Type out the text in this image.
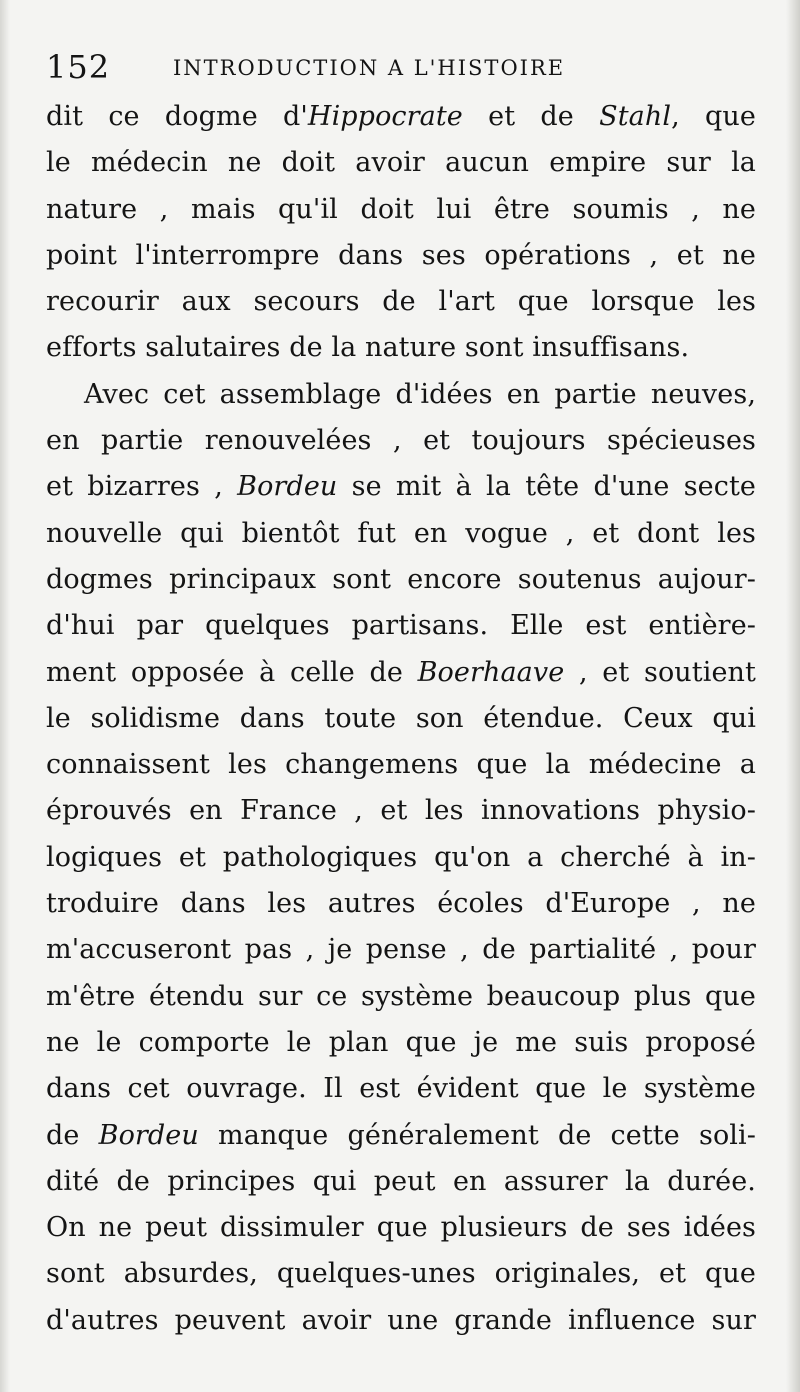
152	INTRODUCTION A L'HISTOIRE
dit ce dogme d'Hippocrate et de Stahl, que
le médecin ne doit avoir aucun empire sur la
nature , mais qu'il doit lui être soumis , ne
point l'interrompre dans ses opérations , et ne
recourir aux secours de l'art que lorsque les
efforts salutaires de la nature sont insuffisans.
Avec cet assemblage d'idées en partie neuves,
en partie renouvelées , et toujours spécieuses
et bizarres , Bordeu se mit à la tête d'une secte
nouvelle qui bientôt fut en vogue , et dont les
dogmes principaux sont encore soutenus aujour-
d'hui par quelques partisans. Elle est entière-
ment opposée à celle de Boerhaave , et soutient
le solidisme dans toute son étendue. Ceux qui
connaissent les changemens que la médecine a
éprouvés en France , et les innovations physio-
logiques et pathologiques qu'on a cherché à in-
troduire dans les autres écoles d'Europe , ne
m'accuseront pas , je pense , de partialité , pour
m'être étendu sur ce système beaucoup plus que
ne le comporte le plan que je me suis proposé
dans cet ouvrage. Il est évident que le système
de Bordeu manque généralement de cette soli-
dité de principes qui peut en assurer la durée.
On ne peut dissimuler que plusieurs de ses idées
sont absurdes, quelques-unes originales, et que
d'autres peuvent avoir une grande influence sur
